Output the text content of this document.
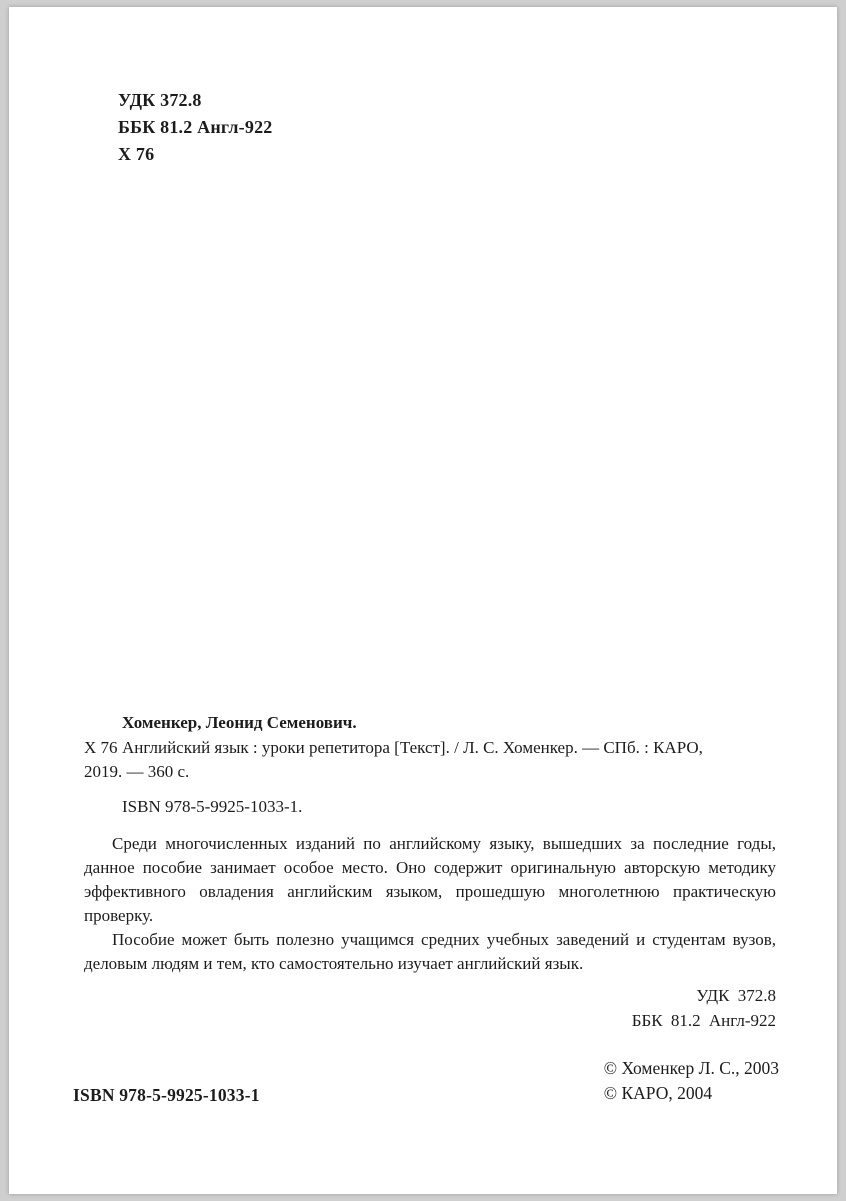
УДК 372.8
ББК 81.2 Англ-922
Х 76
Хоменкер, Леонид Семенович.
Х 76 Английский язык : уроки репетитора [Текст]. / Л. С. Хоменкер. — СПб. : КАРО,
2019. — 360 с.
ISBN 978-5-9925-1033-1.

Среди многочисленных изданий по английскому языку, вышедших за последние годы, данное пособие занимает особое место. Оно содержит оригинальную авторскую методику эффективного овладения английским языком, прошедшую многолетнюю практическую проверку.

Пособие может быть полезно учащимся средних учебных заведений и студентам вузов, деловым людям и тем, кто самостоятельно изучает английский язык.

УДК 372.8
ББК 81.2 Англ-922
ISBN 978-5-9925-1033-1
© Хоменкер Л. С., 2003
© КАРО, 2004
